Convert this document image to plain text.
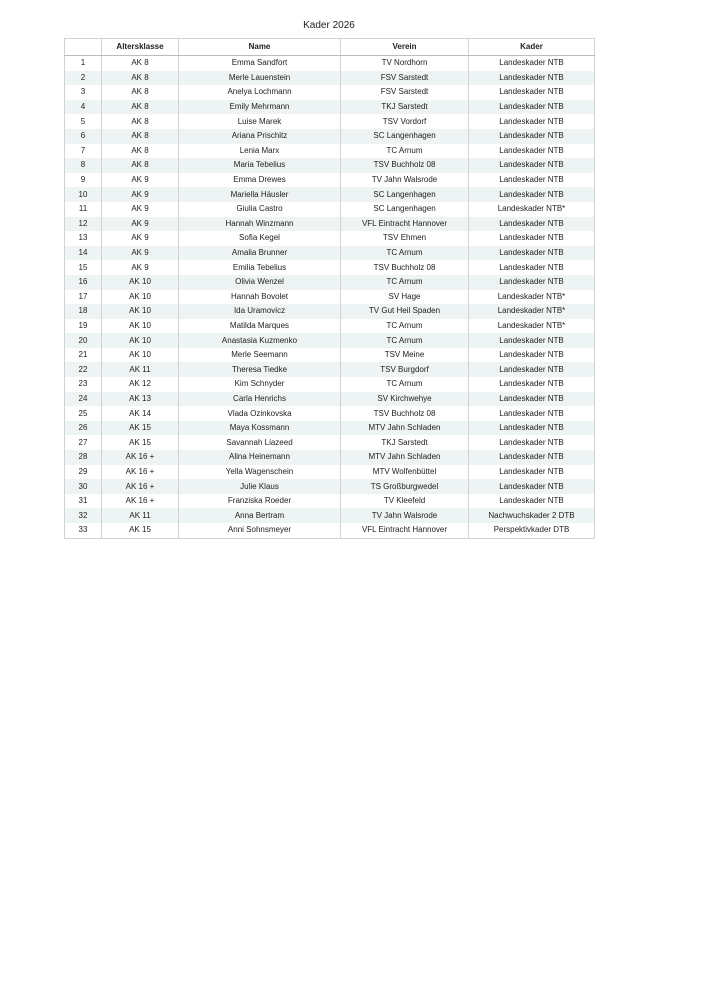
Kader 2026
	Altersklasse	Name	Verein	Kader
1	AK 8	Emma Sandfort	TV Nordhorn	Landeskader NTB
2	AK 8	Merle Lauenstein	FSV Sarstedt	Landeskader NTB
3	AK 8	Anelya Lochmann	FSV Sarstedt	Landeskader NTB
4	AK 8	Emily Mehrmann	TKJ Sarstedt	Landeskader NTB
5	AK 8	Luise Marek	TSV Vordorf	Landeskader NTB
6	AK 8	Ariana Prischitz	SC Langenhagen	Landeskader NTB
7	AK 8	Lenia Marx	TC Arnum	Landeskader NTB
8	AK 8	Maria Tebelius	TSV Buchholz 08	Landeskader NTB
9	AK 9	Emma Drewes	TV Jahn Walsrode	Landeskader NTB
10	AK 9	Mariella Häusler	SC Langenhagen	Landeskader NTB
11	AK 9	Giulia Castro	SC Langenhagen	Landeskader NTB*
12	AK 9	Hannah Winzmann	VFL Eintracht Hannover	Landeskader NTB
13	AK 9	Sofia Kegel	TSV Ehmen	Landeskader NTB
14	AK 9	Amalia Brunner	TC Arnum	Landeskader NTB
15	AK 9	Emilia Tebelius	TSV Buchholz 08	Landeskader NTB
16	AK 10	Olivia Wenzel	TC Arnum	Landeskader NTB
17	AK 10	Hannah Bovolet	SV Hage	Landeskader NTB*
18	AK 10	Ida Uramovicz	TV Gut Heil Spaden	Landeskader NTB*
19	AK 10	Matilda Marques	TC Arnum	Landeskader NTB*
20	AK 10	Anastasia Kuzmenko	TC Arnum	Landeskader NTB
21	AK 10	Merle Seemann	TSV Meine	Landeskader NTB
22	AK 11	Theresa Tiedke	TSV Burgdorf	Landeskader NTB
23	AK 12	Kim Schnyder	TC Arnum	Landeskader NTB
24	AK 13	Carla Henrichs	SV Kirchwehye	Landeskader NTB
25	AK 14	Vlada Ozinkovska	TSV Buchholz 08	Landeskader NTB
26	AK 15	Maya Kossmann	MTV Jahn Schladen	Landeskader NTB
27	AK 15	Savannah Liazeed	TKJ Sarstedt	Landeskader NTB
28	AK 16 +	Alina Heinemann	MTV Jahn Schladen	Landeskader NTB
29	AK 16 +	Yella Wagenschein	MTV Wolfenbüttel	Landeskader NTB
30	AK 16 +	Julie Klaus	TS Großburgwedel	Landeskader NTB
31	AK 16 +	Franziska Roeder	TV Kleefeld	Landeskader NTB
32	AK 11	Anna Bertram	TV Jahn Walsrode	Nachwuchskader 2 DTB
33	AK 15	Anni Sohnsmeyer	VFL Eintracht Hannover	Perspektivkader DTB
